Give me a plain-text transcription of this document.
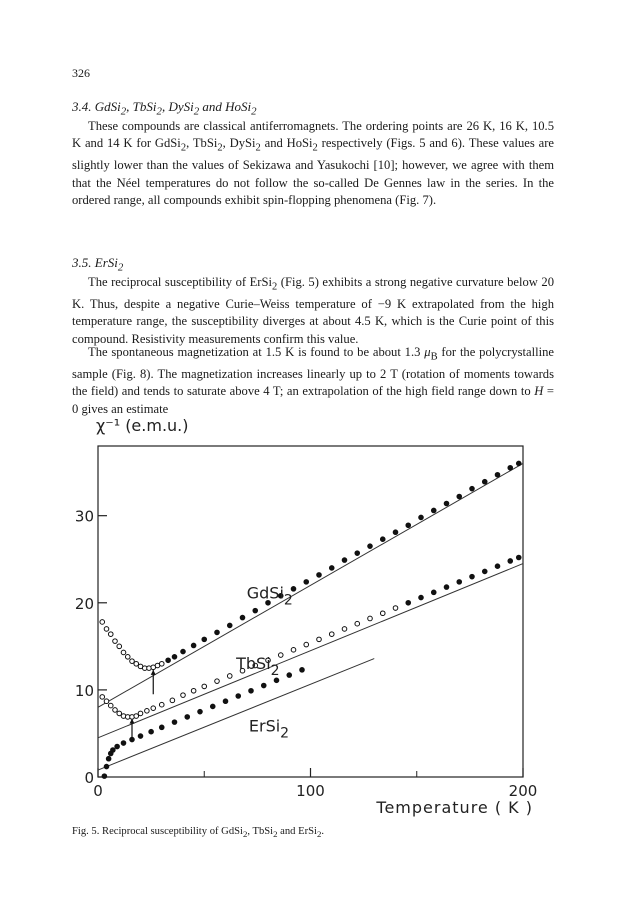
326
3.4. GdSi$_2$, TbSi$_2$, DySi$_2$ and HoSi$_2$

These compounds are classical antiferromagnets. The ordering points are 26 K, 16 K, 10.5 K and 14 K for GdSi$_2$, TbSi$_2$, DySi$_2$ and HoSi$_2$ respectively (Figs. 5 and 6). These values are slightly lower than the values of Sekizawa and Yasukochi [10]; however, we agree with them that the Néel temperatures do not follow the so-called De Gennes law in the series. In the ordered range, all compounds exhibit spin-flopping phenomena (Fig. 7).

3.5. ErSi$_2$

The reciprocal susceptibility of ErSi$_2$ (Fig. 5) exhibits a strong negative curvature below 20 K. Thus, despite a negative Curie–Weiss temperature of −9 K extrapolated from the high temperature range, the susceptibility diverges at about 4.5 K, which is the Curie point of this compound. Resistivity measurements confirm this value.

The spontaneous magnetization at 1.5 K is found to be about 1.3 $\mu_B$ for the polycrystalline sample (Fig. 8). The magnetization increases linearly up to 2 T (rotation of moments towards the field) and tends to saturate above 4 T; an extrapolation of the high field range down to H = 0 gives an estimate

0
10
20
30
0	100	200
χ⁻¹ (e.m.u.)
Temperature ( K )
GdSi2
TbSi2
ErSi2
Fig. 5. Reciprocal susceptibility of GdSi$_2$, TbSi$_2$ and ErSi$_2$.
